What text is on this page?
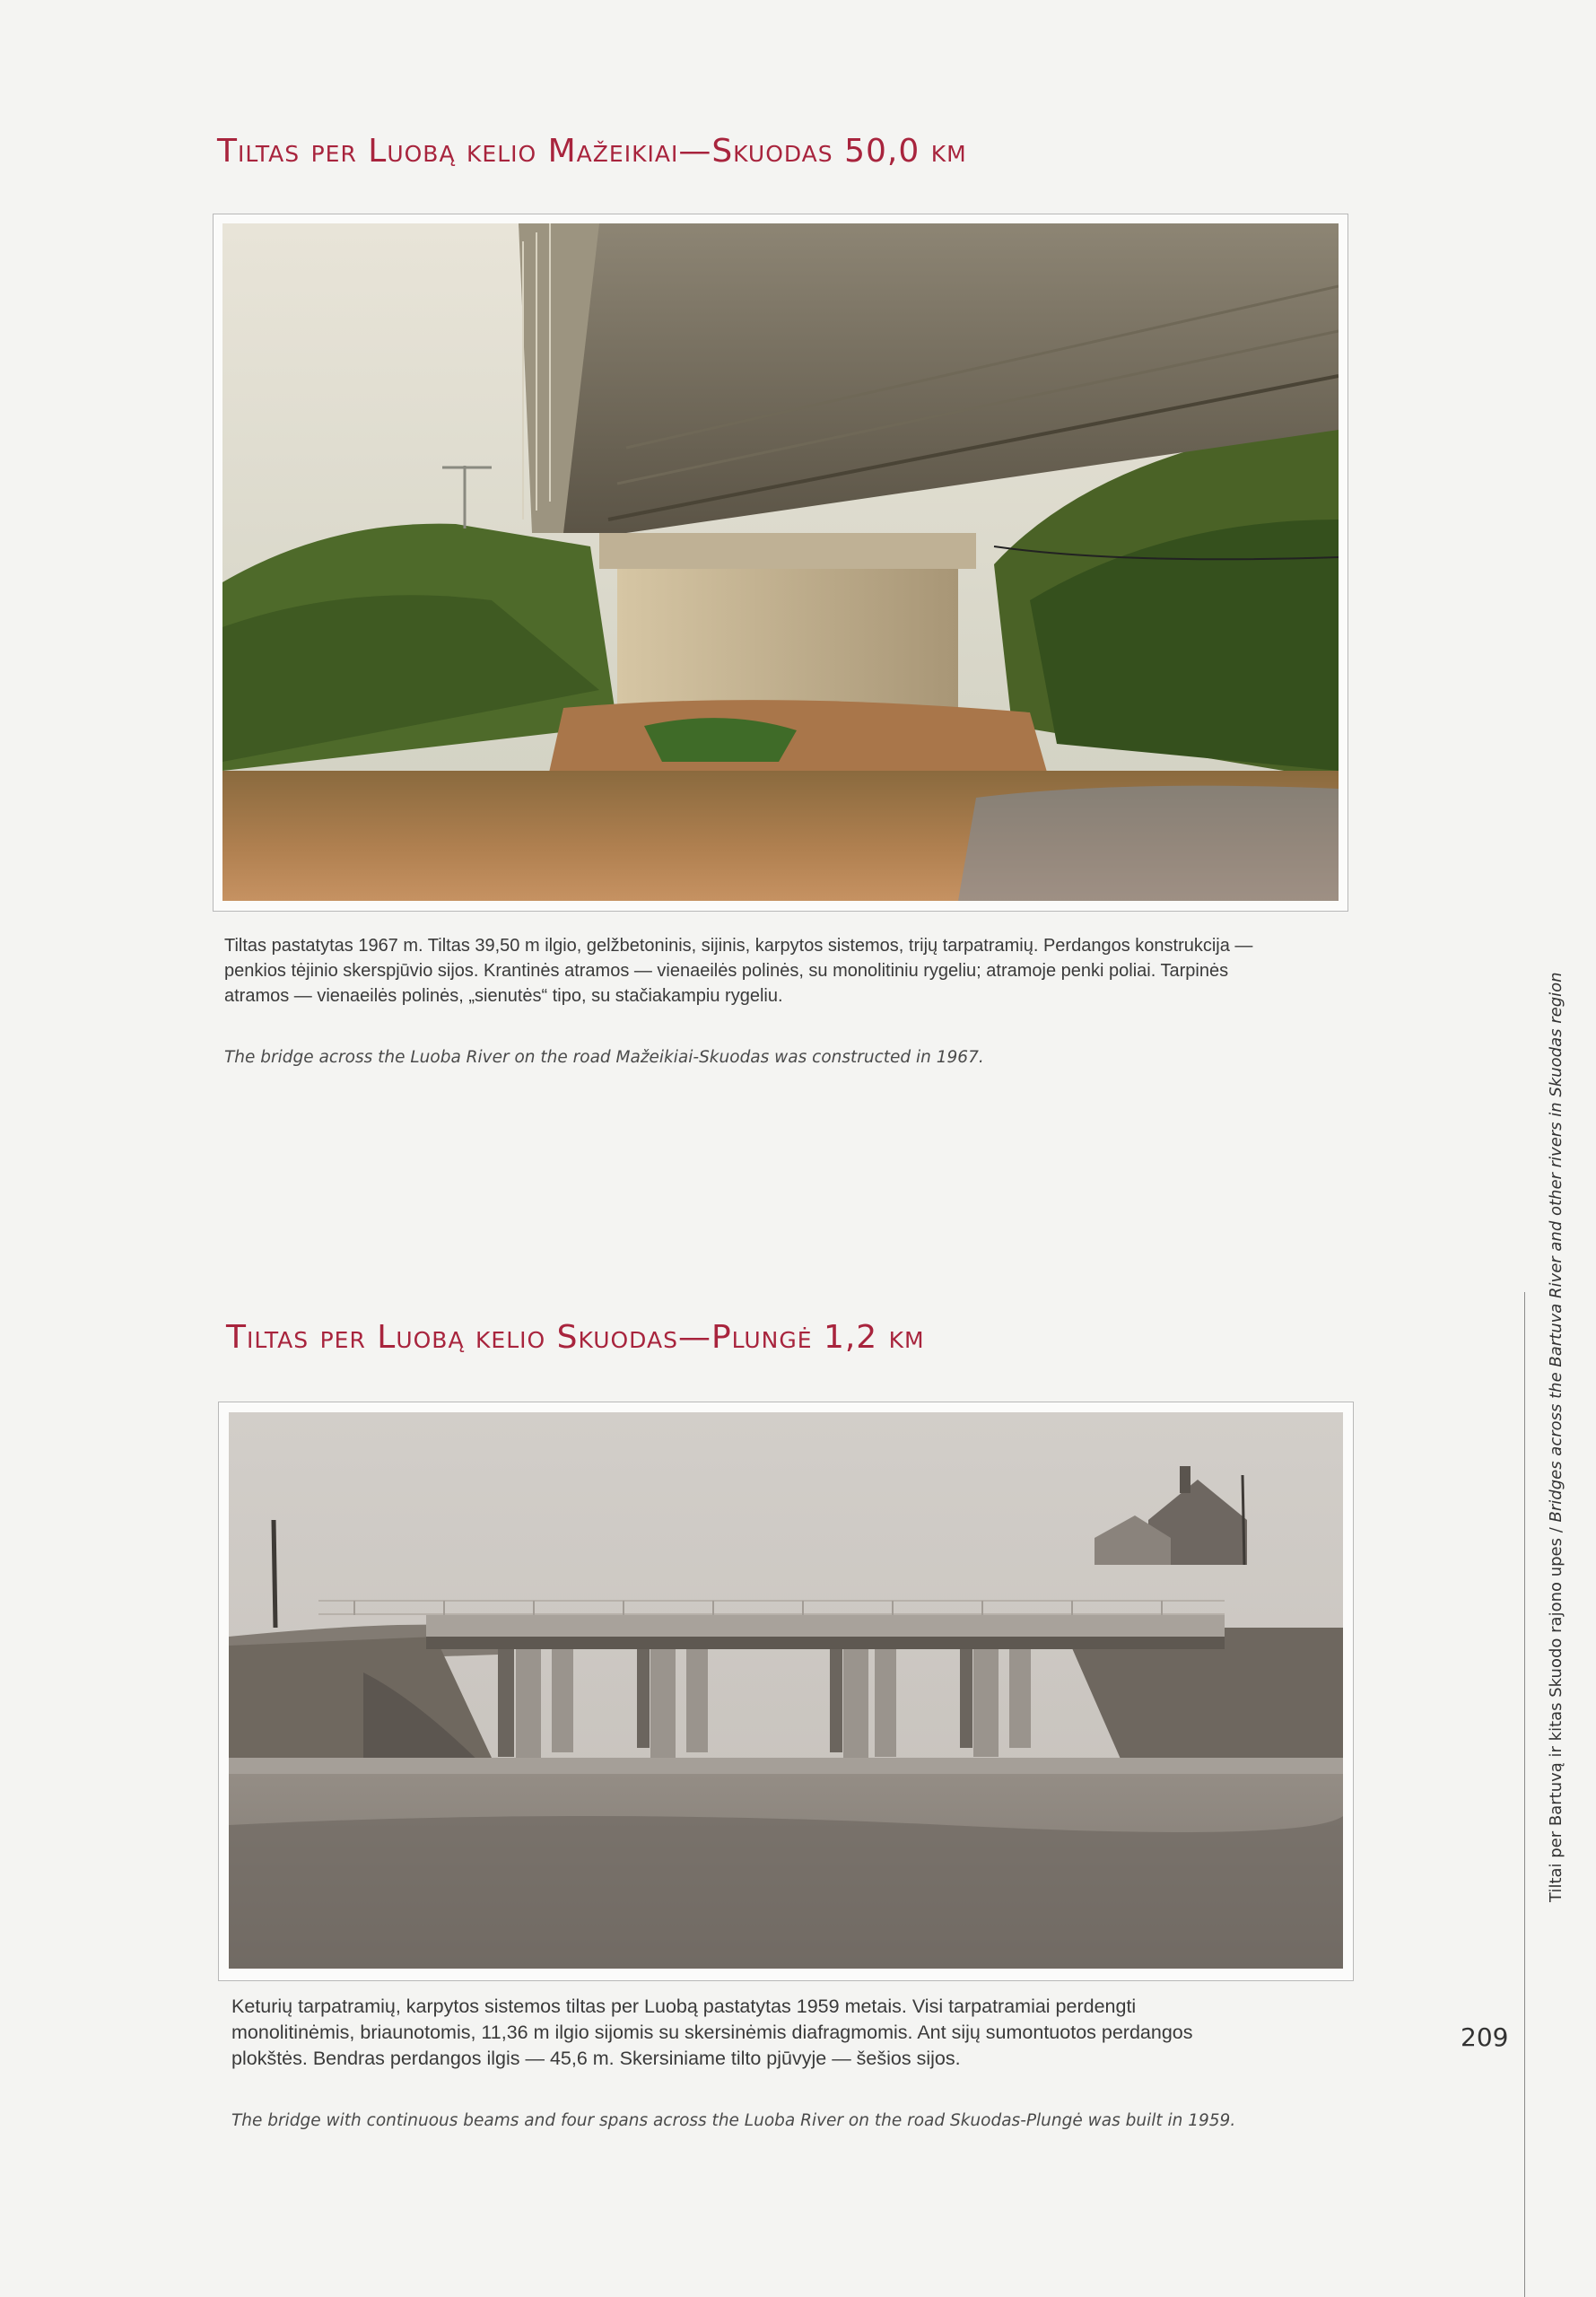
Tiltas per Luobą kelio Mažeikiai—Skuodas 50,0 km
Tiltas pastatytas 1967 m. Tiltas 39,50 m ilgio, gelžbetoninis, sijinis, karpytos sistemos, trijų tarpatramių. Perdangos konstrukcija — penkios tėjinio skerspjūvio sijos. Krantinės atramos — vienaeilės polinės, su monolitiniu rygeliu; atramoje penki poliai. Tarpinės atramos — vienaeilės polinės, „sienutės“ tipo, su stačiakampiu rygeliu.
The bridge across the Luoba River on the road Mažeikiai-Skuodas was constructed in 1967.
Tiltas per Luobą kelio Skuodas—Plungė 1,2 km
Keturių tarpatramių, karpytos sistemos tiltas per Luobą pastatytas 1959 metais. Visi tarpatramiai perdengti monolitinėmis, briaunotomis, 11,36 m ilgio sijomis su skersinėmis diafragmomis. Ant sijų sumontuotos perdangos plokštės. Bendras perdangos ilgis — 45,6 m. Skersiniame tilto pjūvyje — šešios sijos.
The bridge with continuous beams and four spans across the Luoba River on the road Skuodas-Plungė was built in 1959.
Tiltai per Bartuvą ir kitas Skuodo rajono upes / Bridges across the Bartuva River and other rivers in Skuodas region
209
